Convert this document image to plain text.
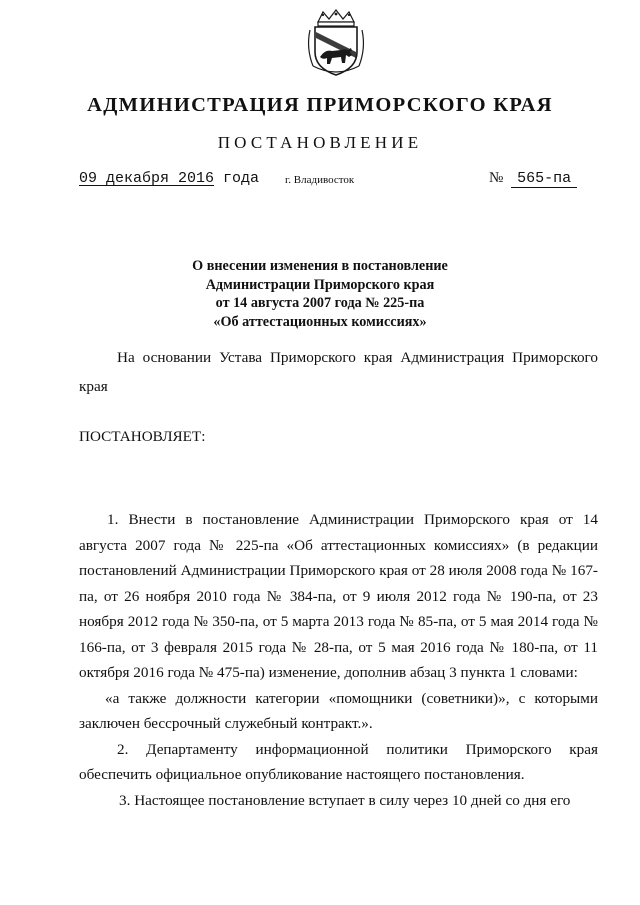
АДМИНИСТРАЦИЯ ПРИМОРСКОГО КРАЯ
ПОСТАНОВЛЕНИЕ
09 декабря 2016 года г. Владивосток	№ 565-па
О внесении изменения в постановление
Администрации Приморского края
от 14 августа 2007 года № 225-па
«Об аттестационных комиссиях»
На основании Устава Приморского края Администрация Приморского
края
ПОСТАНОВЛЯЕТ:

1. Внести в постановление Администрации Приморского края от 14 августа 2007 года № 225-па «Об аттестационных комиссиях» (в редакции постановлений Администрации Приморского края от 28 июля 2008 года № 167-па, от 26 ноября 2010 года № 384-па, от 9 июля 2012 года № 190-па, от 23 ноября 2012 года № 350-па, от 5 марта 2013 года № 85-па, от 5 мая 2014 года № 166-па, от 3 февраля 2015 года № 28-па, от 5 мая 2016 года № 180-па, от 11 октября 2016 года № 475-па) изменение, дополнив абзац 3 пункта 1 словами:

«а также должности категории «помощники (советники)», с которыми заключен бессрочный служебный контракт.».

2. Департаменту информационной политики Приморского края обеспечить официальное опубликование настоящего постановления.

3. Настоящее постановление вступает в силу через 10 дней со дня его
